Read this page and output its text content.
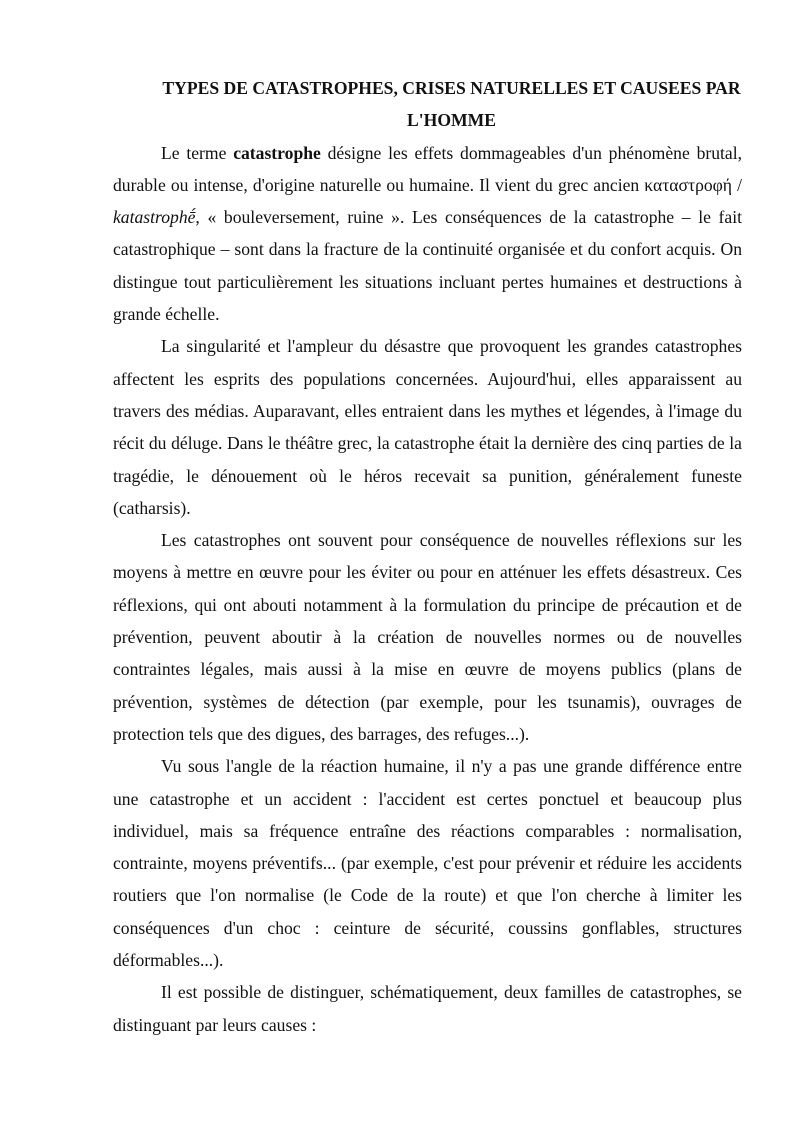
TYPES DE CATASTROPHES, CRISES NATURELLES ET CAUSEES PAR L'HOMME

Le terme catastrophe désigne les effets dommageables d'un phénomène brutal, durable ou intense, d'origine naturelle ou humaine. Il vient du grec ancien καταστροφή / katastrophḗ, « bouleversement, ruine ». Les conséquences de la catastrophe – le fait catastrophique – sont dans la fracture de la continuité organisée et du confort acquis. On distingue tout particulièrement les situations incluant pertes humaines et destructions à grande échelle.

La singularité et l'ampleur du désastre que provoquent les grandes catastrophes affectent les esprits des populations concernées. Aujourd'hui, elles apparaissent au travers des médias. Auparavant, elles entraient dans les mythes et légendes, à l'image du récit du déluge. Dans le théâtre grec, la catastrophe était la dernière des cinq parties de la tragédie, le dénouement où le héros recevait sa punition, généralement funeste (catharsis).

Les catastrophes ont souvent pour conséquence de nouvelles réflexions sur les moyens à mettre en œuvre pour les éviter ou pour en atténuer les effets désastreux. Ces réflexions, qui ont abouti notamment à la formulation du principe de précaution et de prévention, peuvent aboutir à la création de nouvelles normes ou de nouvelles contraintes légales, mais aussi à la mise en œuvre de moyens publics (plans de prévention, systèmes de détection (par exemple, pour les tsunamis), ouvrages de protection tels que des digues, des barrages, des refuges...).

Vu sous l'angle de la réaction humaine, il n'y a pas une grande différence entre une catastrophe et un accident : l'accident est certes ponctuel et beaucoup plus individuel, mais sa fréquence entraîne des réactions comparables : normalisation, contrainte, moyens préventifs... (par exemple, c'est pour prévenir et réduire les accidents routiers que l'on normalise (le Code de la route) et que l'on cherche à limiter les conséquences d'un choc : ceinture de sécurité, coussins gonflables, structures déformables...).

Il est possible de distinguer, schématiquement, deux familles de catastrophes, se distinguant par leurs causes :
